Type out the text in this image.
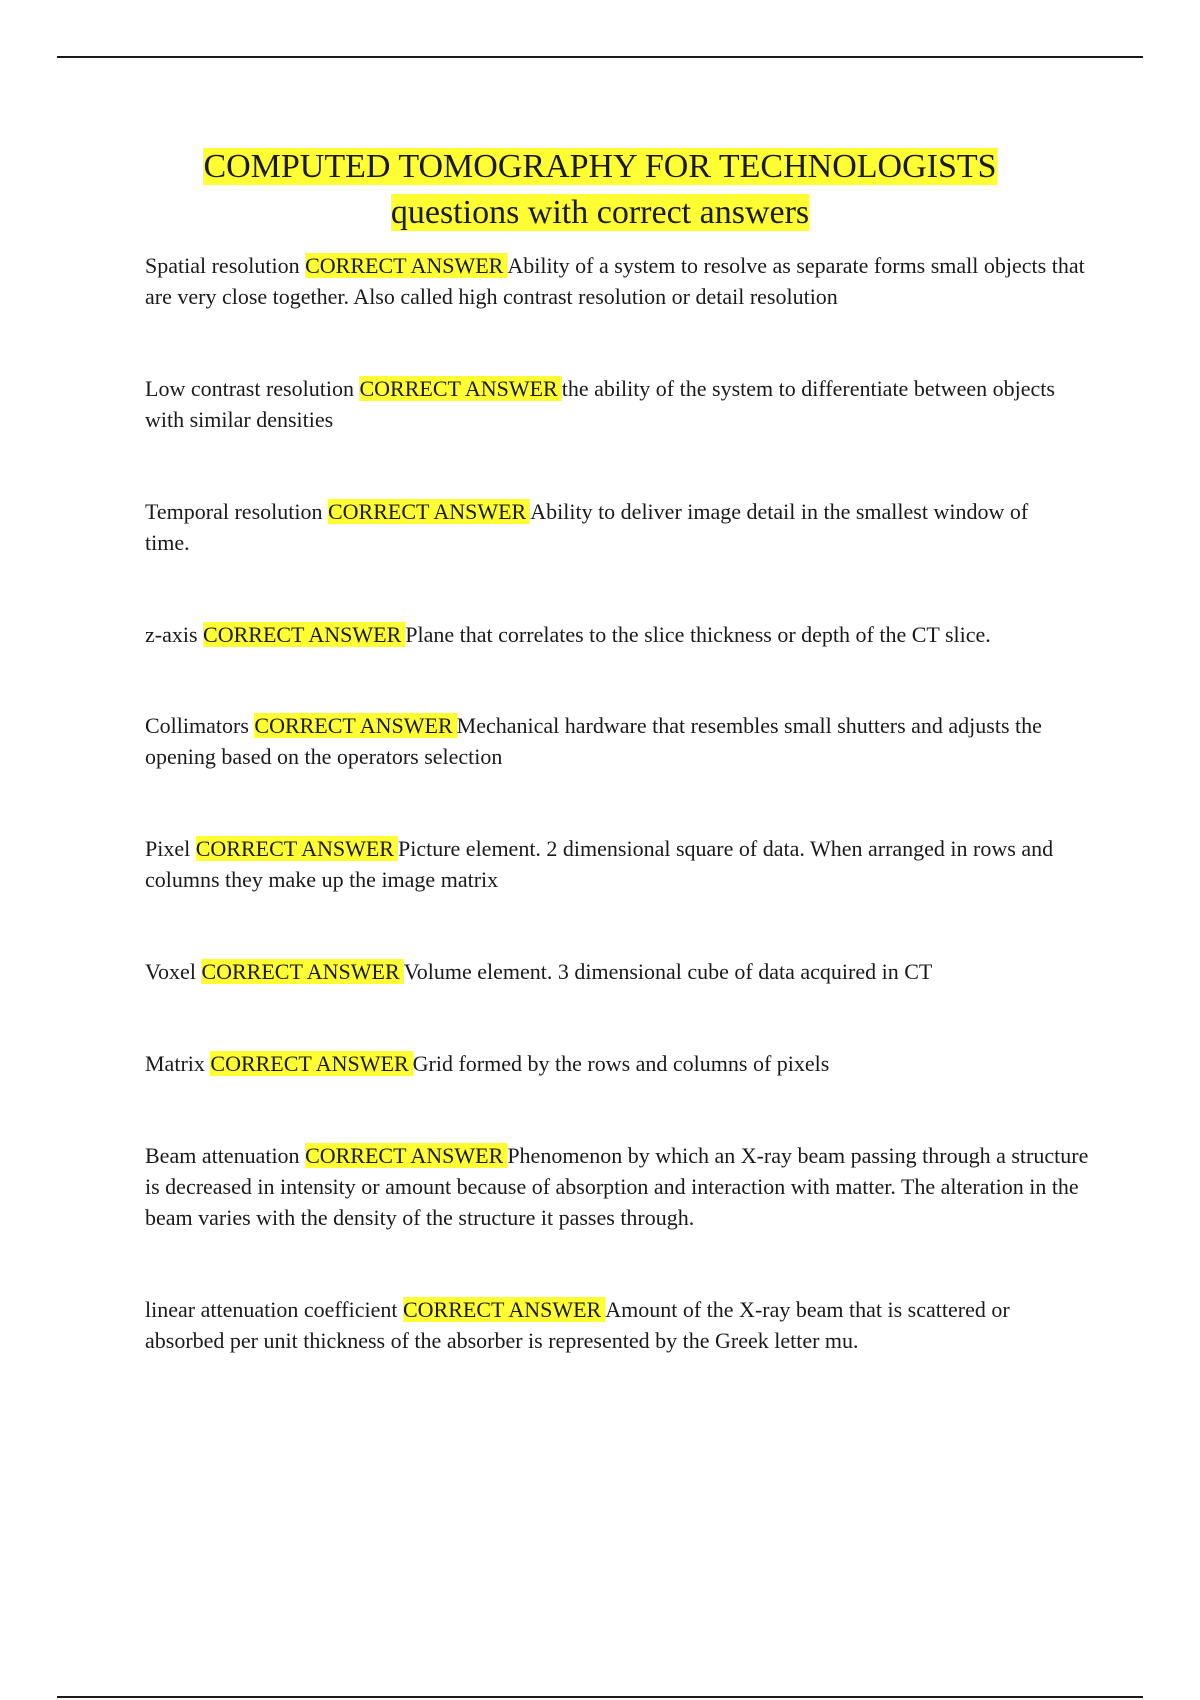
COMPUTED TOMOGRAPHY FOR TECHNOLOGISTS
questions with correct answers

Spatial resolution CORRECT ANSWER Ability of a system to resolve as separate forms small objects that are very close together. Also called high contrast resolution or detail resolution

Low contrast resolution CORRECT ANSWER the ability of the system to differentiate between objects with similar densities

Temporal resolution CORRECT ANSWER Ability to deliver image detail in the smallest window of time.

z-axis CORRECT ANSWER Plane that correlates to the slice thickness or depth of the CT slice.

Collimators CORRECT ANSWER Mechanical hardware that resembles small shutters and adjusts the opening based on the operators selection

Pixel CORRECT ANSWER Picture element. 2 dimensional square of data. When arranged in rows and columns they make up the image matrix

Voxel CORRECT ANSWER Volume element. 3 dimensional cube of data acquired in CT

Matrix CORRECT ANSWER Grid formed by the rows and columns of pixels

Beam attenuation CORRECT ANSWER Phenomenon by which an X-ray beam passing through a structure is decreased in intensity or amount because of absorption and interaction with matter. The alteration in the beam varies with the density of the structure it passes through.

linear attenuation coefficient CORRECT ANSWER Amount of the X-ray beam that is scattered or absorbed per unit thickness of the absorber is represented by the Greek letter mu.
